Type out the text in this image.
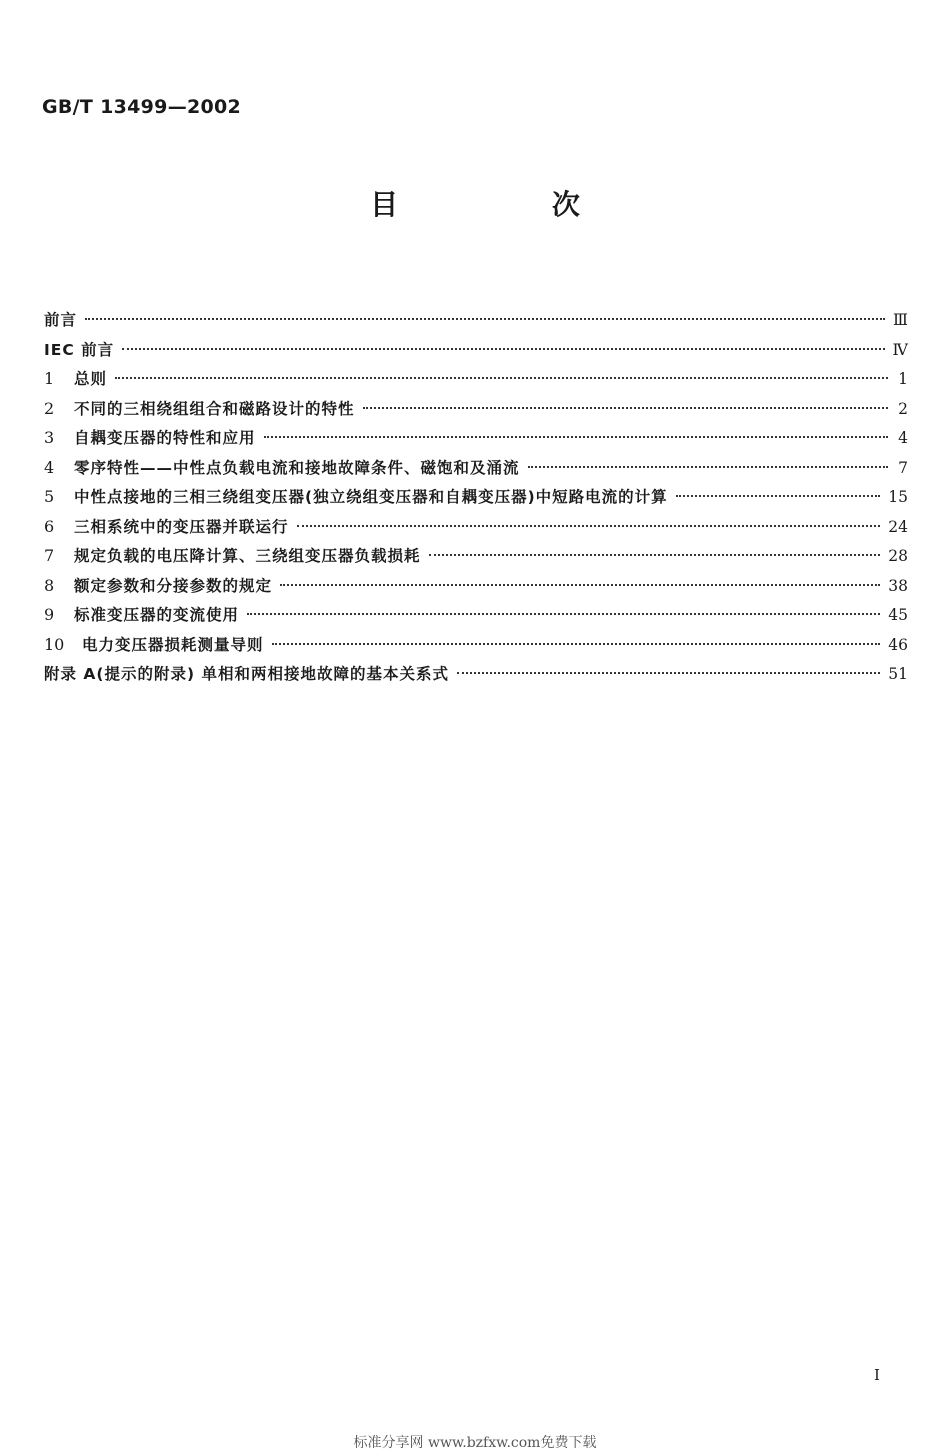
GB/T 13499—2002
目 次
前言	Ⅲ
IEC 前言	Ⅳ
1	总则	1
2	不同的三相绕组组合和磁路设计的特性	2
3	自耦变压器的特性和应用	4
4	零序特性——中性点负载电流和接地故障条件、磁饱和及涌流	7
5	中性点接地的三相三绕组变压器(独立绕组变压器和自耦变压器)中短路电流的计算	15
6	三相系统中的变压器并联运行	24
7	规定负载的电压降计算、三绕组变压器负载损耗	28
8	额定参数和分接参数的规定	38
9	标准变压器的变流使用	45
10	电力变压器损耗测量导则	46
附录 A(提示的附录) 单相和两相接地故障的基本关系式	51
I
标准分享网 www.bzfxw.com免费下载
